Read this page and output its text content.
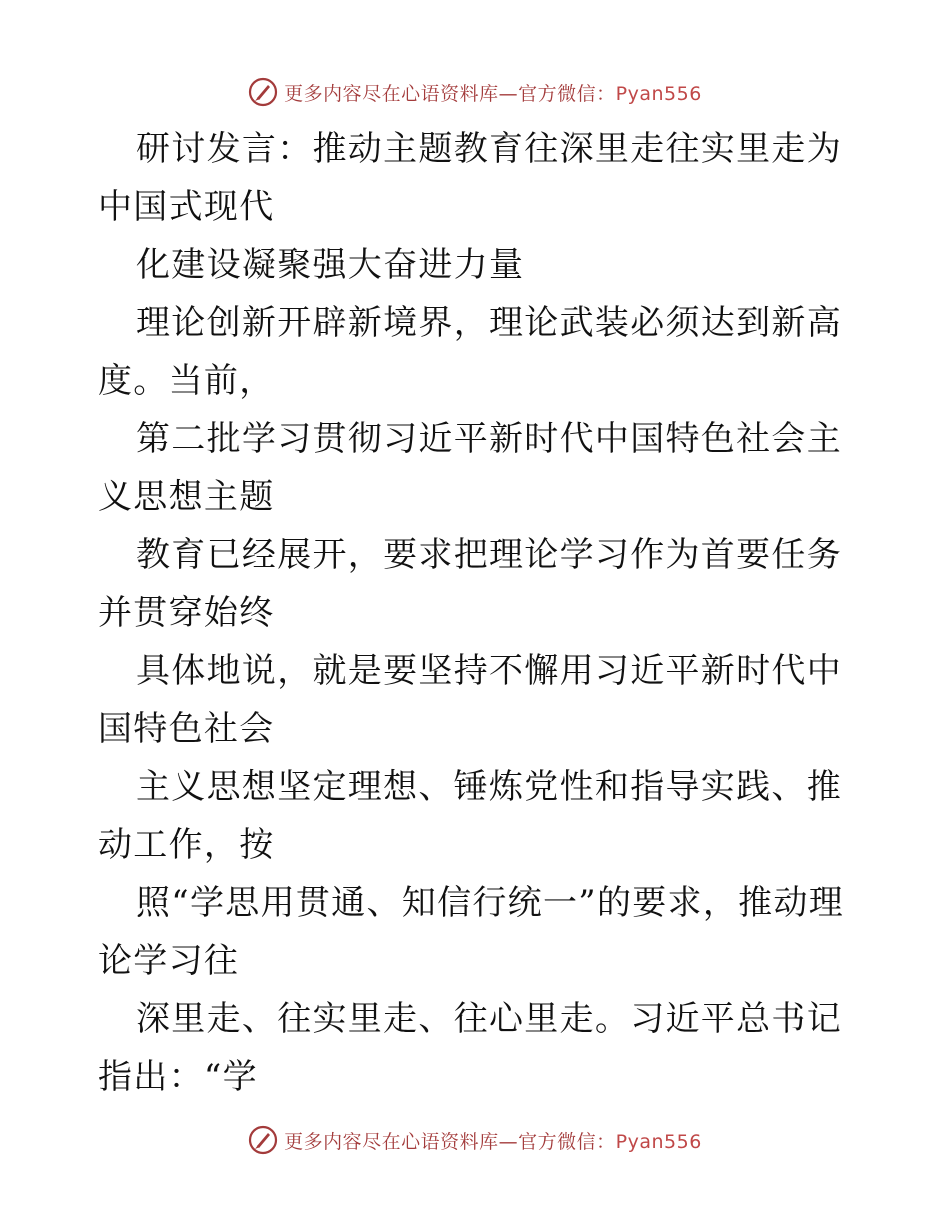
更多内容尽在心语资料库—官方微信：Pyan556

研讨发言：推动主题教育往深里走往实里走为中国式现代

化建设凝聚强大奋进力量

理论创新开辟新境界，理论武装必须达到新高度。当前，

第二批学习贯彻习近平新时代中国特色社会主义思想主题

教育已经展开，要求把理论学习作为首要任务并贯穿始终

具体地说，就是要坚持不懈用习近平新时代中国特色社会

主义思想坚定理想、锤炼党性和指导实践、推动工作，按

照“学思用贯通、知信行统一”的要求，推动理论学习往

深里走、往实里走、往心里走。习近平总书记指出：“学

更多内容尽在心语资料库—官方微信：Pyan556
